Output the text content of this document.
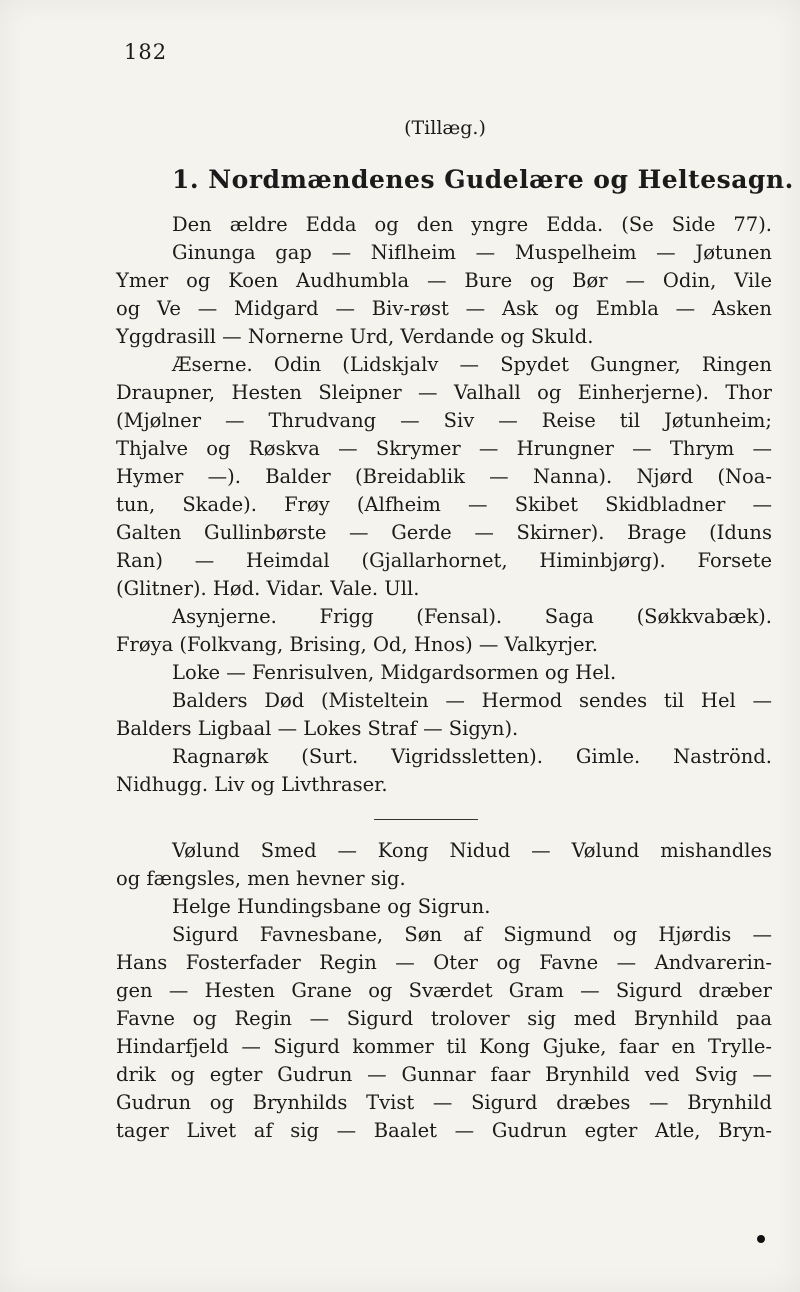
182
(Tillæg.)
1. Nordmændenes Gudelære og Heltesagn.

Den ældre Edda og den yngre Edda. (Se Side 77).

Ginunga gap — Niflheim — Muspelheim — Jøtunen

Ymer og Koen Audhumbla — Bure og Bør — Odin, Vile

og Ve — Midgard — Biv-røst — Ask og Embla — Asken

Yggdrasill — Nornerne Urd, Verdande og Skuld.

Æserne. Odin (Lidskjalv — Spydet Gungner, Ringen

Draupner, Hesten Sleipner — Valhall og Einherjerne). Thor

(Mjølner — Thrudvang — Siv — Reise til Jøtunheim;

Thjalve og Røskva — Skrymer — Hrungner — Thrym —

Hymer —). Balder (Breidablik — Nanna). Njørd (Noa-

tun, Skade). Frøy (Alfheim — Skibet Skidbladner —

Galten Gullinbørste — Gerde — Skirner). Brage (Iduns

Ran) — Heimdal (Gjallarhornet, Himinbjørg). Forsete

(Glitner). Hød. Vidar. Vale. Ull.

Asynjerne. Frigg (Fensal). Saga (Søkkvabæk).

Frøya (Folkvang, Brising, Od, Hnos) — Valkyrjer.

Loke — Fenrisulven, Midgardsormen og Hel.

Balders Død (Misteltein — Hermod sendes til Hel —

Balders Ligbaal — Lokes Straf — Sigyn).

Ragnarøk (Surt. Vigridssletten). Gimle. Naströnd.

Nidhugg. Liv og Livthraser.

Vølund Smed — Kong Nidud — Vølund mishandles

og fængsles, men hevner sig.

Helge Hundingsbane og Sigrun.

Sigurd Favnesbane, Søn af Sigmund og Hjørdis —

Hans Fosterfader Regin — Oter og Favne — Andvarerin-

gen — Hesten Grane og Sværdet Gram — Sigurd dræber

Favne og Regin — Sigurd trolover sig med Brynhild paa

Hindarfjeld — Sigurd kommer til Kong Gjuke, faar en Trylle-

drik og egter Gudrun — Gunnar faar Brynhild ved Svig —

Gudrun og Brynhilds Tvist — Sigurd dræbes — Brynhild

tager Livet af sig — Baalet — Gudrun egter Atle, Bryn-
